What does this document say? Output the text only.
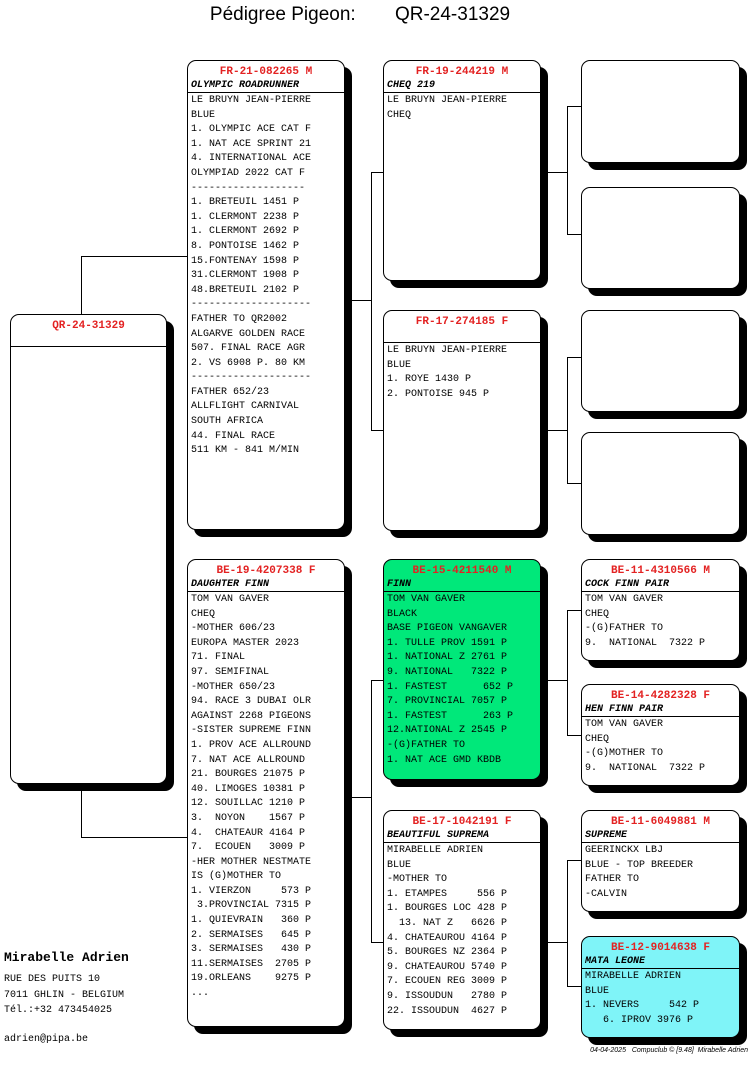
Pédigree Pigeon: QR-24-31329
QR-24-31329
FR-21-082265 M
OLYMPIC ROADRUNNER
LE BRUYN JEAN-PIERRE
BLUE
1. OLYMPIC ACE CAT F
1. NAT ACE SPRINT 21
4. INTERNATIONAL ACE
OLYMPIAD 2022 CAT F
-------------------
1. BRETEUIL 1451 P
1. CLERMONT 2238 P
1. CLERMONT 2692 P
8. PONTOISE 1462 P
15.FONTENAY 1598 P
31.CLERMONT 1908 P
48.BRETEUIL 2102 P
--------------------
FATHER TO QR2002
ALGARVE GOLDEN RACE
507. FINAL RACE AGR
2. VS 6908 P. 80 KM
--------------------
FATHER 652/23
ALLFLIGHT CARNIVAL
SOUTH AFRICA
44. FINAL RACE
511 KM - 841 M/MIN
BE-19-4207338 F
DAUGHTER FINN
TOM VAN GAVER
CHEQ
-MOTHER 606/23
EUROPA MASTER 2023
71. FINAL
97. SEMIFINAL
-MOTHER 650/23
94. RACE 3 DUBAI OLR
AGAINST 2268 PIGEONS
-SISTER SUPREME FINN
1. PROV ACE ALLROUND
7. NAT ACE ALLROUND
21. BOURGES 21075 P
40. LIMOGES 10381 P
12. SOUILLAC 1210 P
3.  NOYON    1567 P
4.  CHATEAUR 4164 P
7.  ECOUEN   3009 P
-HER MOTHER NESTMATE
IS (G)MOTHER TO
1. VIERZON     573 P
3.PROVINCIAL 7315 P
1. QUIEVRAIN   360 P
2. SERMAISES   645 P
3. SERMAISES   430 P
11.SERMAISES  2705 P
19.ORLEANS    9275 P
...
FR-19-244219 M
CHEQ 219
LE BRUYN JEAN-PIERRE
CHEQ
FR-17-274185 F
LE BRUYN JEAN-PIERRE
BLUE
1. ROYE 1430 P
2. PONTOISE 945 P
BE-15-4211540 M
FINN
TOM VAN GAVER
BLACK
BASE PIGEON VANGAVER
1. TULLE PROV 1591 P
1. NATIONAL Z 2761 P
9. NATIONAL   7322 P
1. FASTEST      652 P
7. PROVINCIAL 7057 P
1. FASTEST      263 P
12.NATIONAL Z 2545 P
-(G)FATHER TO
1. NAT ACE GMD KBDB
BE-17-1042191 F
BEAUTIFUL SUPREMA
MIRABELLE ADRIEN
BLUE
-MOTHER TO
1. ETAMPES     556 P
1. BOURGES LOC 428 P
13. NAT Z   6626 P
4. CHATEAUROU 4164 P
5. BOURGES NZ 2364 P
9. CHATEAUROU 5740 P
7. ECOUEN REG 3009 P
9. ISSOUDUN   2780 P
22. ISSOUDUN  4627 P
BE-11-4310566 M
COCK FINN PAIR
TOM VAN GAVER
CHEQ
-(G)FATHER TO
9.  NATIONAL  7322 P
BE-14-4282328 F
HEN FINN PAIR
TOM VAN GAVER
CHEQ
-(G)MOTHER TO
9.  NATIONAL  7322 P
BE-11-6049881 M
SUPREME
GEERINCKX LBJ
BLUE - TOP BREEDER
FATHER TO
-CALVIN
BE-12-9014638 F
MATA LEONE
MIRABELLE ADRIEN
BLUE
1. NEVERS     542 P
6. IPROV 3976 P
Mirabelle Adrien
RUE DES PUITS 10
7011 GHLIN - BELGIUM
Tél.:+32 473454025
adrien@pipa.be
04-04-2025 Compuclub © [9.48] Mirabelle Adrien
